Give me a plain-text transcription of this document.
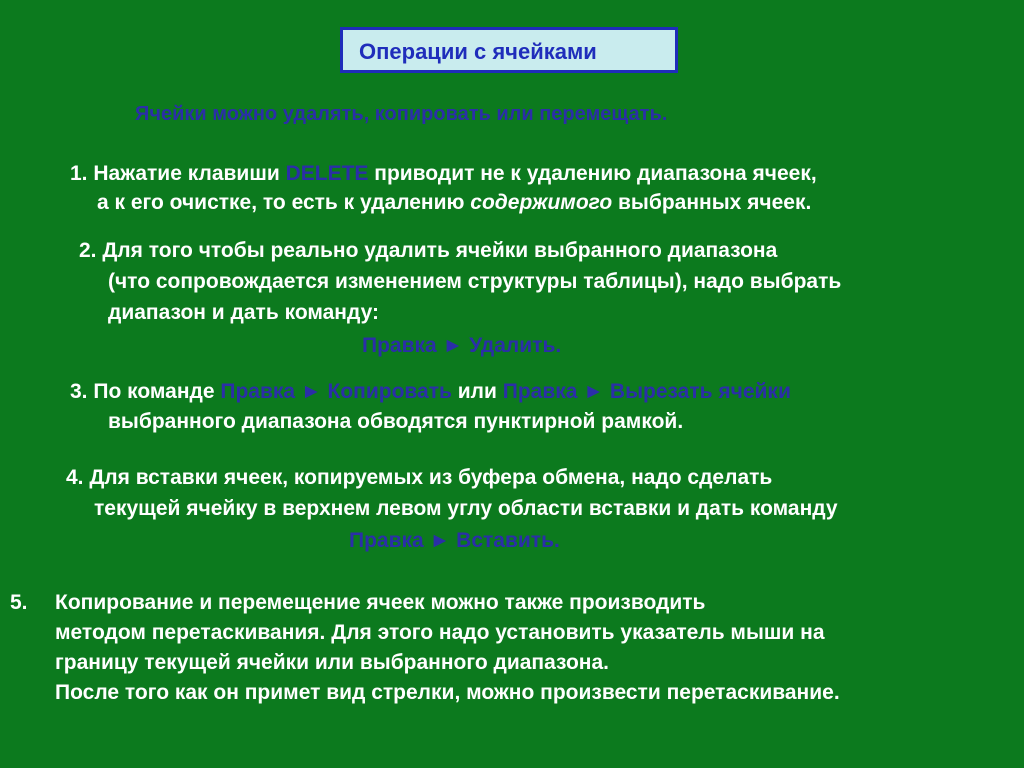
Операции с ячейками
Ячейки можно удалять, копировать или перемещать.
1. Нажатие клавиши DELETE приводит не к удалению диапазона ячеек,
а к его очистке, то есть к удалению содержимого выбранных ячеек.
2. Для того чтобы реально удалить ячейки выбранного диапазона
(что сопровождается изменением структуры таблицы), надо выбрать
диапазон и дать команду:
Правка ► Удалить.
3. По команде Правка ► Копировать или Правка ► Вырезать ячейки
выбранного диапазона обводятся пунктирной рамкой.
4. Для вставки ячеек, копируемых из буфера обмена, надо сделать
текущей ячейку в верхнем левом углу области вставки и дать команду
Правка ► Вставить.
5. Копирование и перемещение ячеек можно также производить
методом перетаскивания. Для этого надо установить указатель мыши на
границу текущей ячейки или выбранного диапазона.
После того как он примет вид стрелки, можно произвести перетаскивание.
